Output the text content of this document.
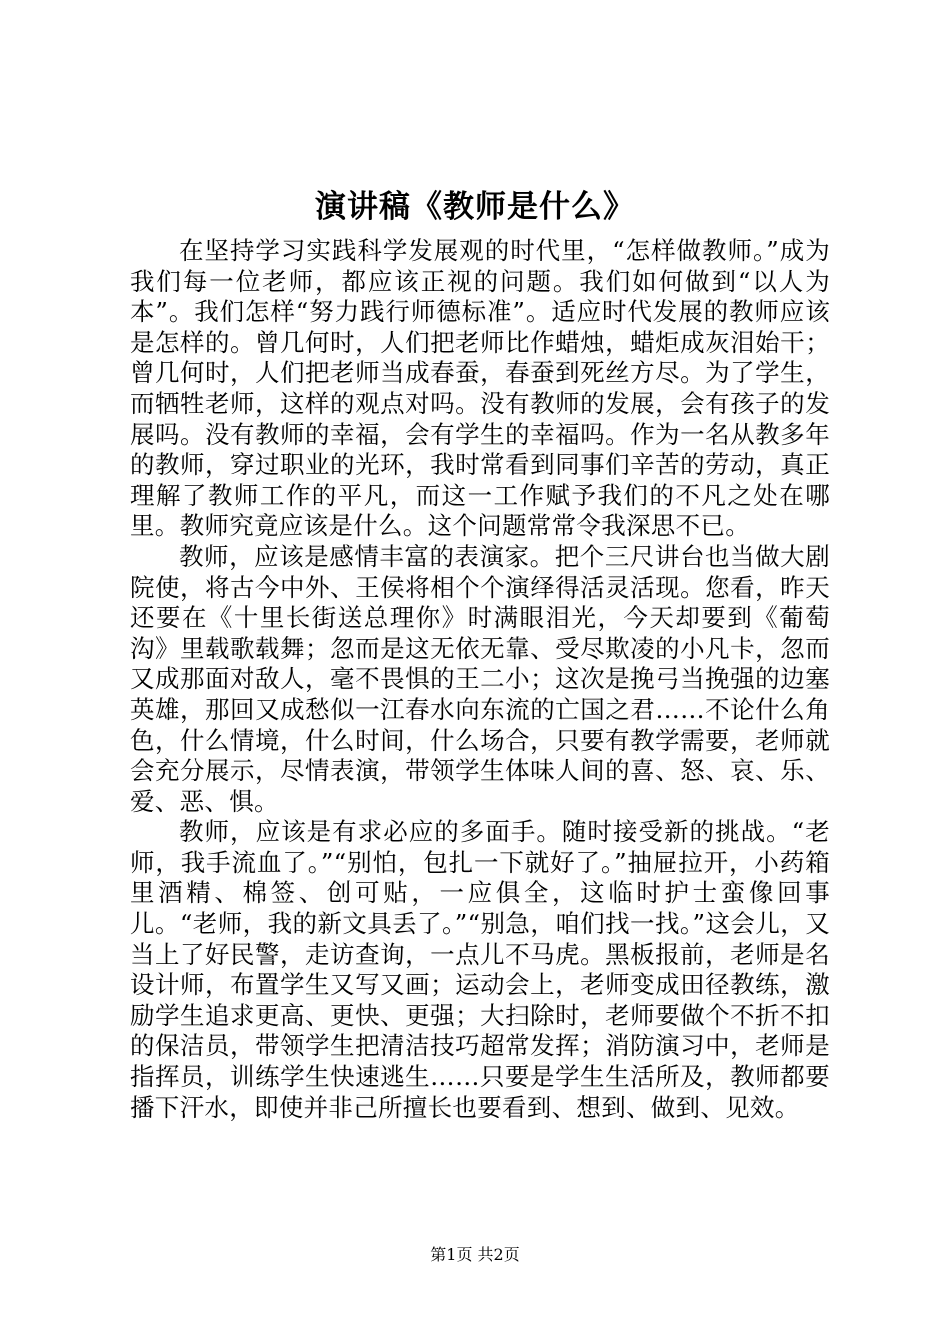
演讲稿《教师是什么》

在坚持学习实践科学发展观的时代里，“怎样做教师。”成为我们每一位老师，都应该正视的问题。我们如何做到“以人为本”。我们怎样“努力践行师德标准”。适应时代发展的教师应该是怎样的。曾几何时，人们把老师比作蜡烛，蜡炬成灰泪始干；曾几何时，人们把老师当成春蚕，春蚕到死丝方尽。为了学生，而牺牲老师，这样的观点对吗。没有教师的发展，会有孩子的发展吗。没有教师的幸福，会有学生的幸福吗。作为一名从教多年的教师，穿过职业的光环，我时常看到同事们辛苦的劳动，真正理解了教师工作的平凡，而这一工作赋予我们的不凡之处在哪里。教师究竟应该是什么。这个问题常常令我深思不已。

教师，应该是感情丰富的表演家。把个三尺讲台也当做大剧院使，将古今中外、王侯将相个个演绎得活灵活现。您看，昨天还要在《十里长街送总理你》时满眼泪光，今天却要到《葡萄沟》里载歌载舞；忽而是这无依无靠、受尽欺凌的小凡卡，忽而又成那面对敌人，毫不畏惧的王二小；这次是挽弓当挽强的边塞英雄，那回又成愁似一江春水向东流的亡国之君……不论什么角色，什么情境，什么时间，什么场合，只要有教学需要，老师就会充分展示，尽情表演，带领学生体味人间的喜、怒、哀、乐、爱、恶、惧。

教师，应该是有求必应的多面手。随时接受新的挑战。“老师，我手流血了。”“别怕，包扎一下就好了。”抽屉拉开，小药箱里酒精、棉签、创可贴，一应俱全，这临时护士蛮像回事儿。“老师，我的新文具丢了。”“别急，咱们找一找。”这会儿，又当上了好民警，走访查询，一点儿不马虎。黑板报前，老师是名设计师，布置学生又写又画；运动会上，老师变成田径教练，激励学生追求更高、更快、更强；大扫除时，老师要做个不折不扣的保洁员，带领学生把清洁技巧超常发挥；消防演习中，老师是指挥员，训练学生快速逃生……只要是学生生活所及，教师都要播下汗水，即使并非己所擅长也要看到、想到、做到、见效。

第1页 共2页
